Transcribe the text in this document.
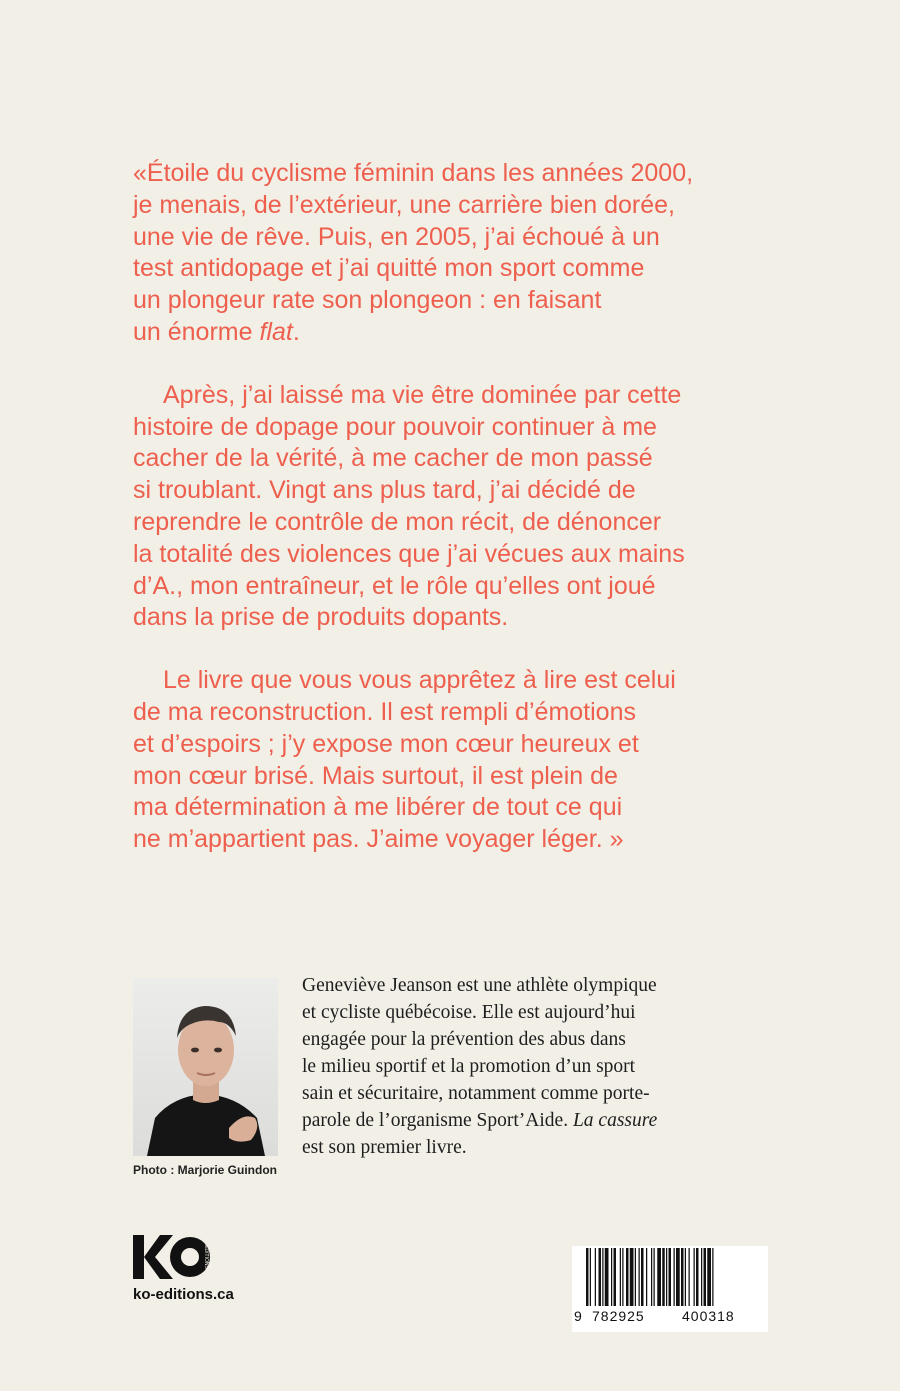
«Étoile du cyclisme féminin dans les années 2000,
je menais, de l’extérieur, une carrière bien dorée,
une vie de rêve. Puis, en 2005, j’ai échoué à un
test antidopage et j’ai quitté mon sport comme
un plongeur rate son plongeon : en faisant
un énorme flat.
Après, j’ai laissé ma vie être dominée par cette
histoire de dopage pour pouvoir continuer à me
cacher de la vérité, à me cacher de mon passé
si troublant. Vingt ans plus tard, j’ai décidé de
reprendre le contrôle de mon récit, de dénoncer
la totalité des violences que j’ai vécues aux mains
d’A., mon entraîneur, et le rôle qu’elles ont joué
dans la prise de produits dopants.
Le livre que vous vous apprêtez à lire est celui
de ma reconstruction. Il est rempli d’émotions
et d’espoirs ; j’y expose mon cœur heureux et
mon cœur brisé. Mais surtout, il est plein de
ma détermination à me libérer de tout ce qui
ne m’appartient pas. J’aime voyager léger. »
Photo : Marjorie Guindon
Geneviève Jeanson est une athlète olympique
et cycliste québécoise. Elle est aujourd’hui
engagée pour la prévention des abus dans
le milieu sportif et la promotion d’un sport
sain et sécuritaire, notamment comme porte-
parole de l’organisme Sport’Aide. La cassure
est son premier livre.
ÉDITIONS
ko-editions.ca
9 782925	400318
